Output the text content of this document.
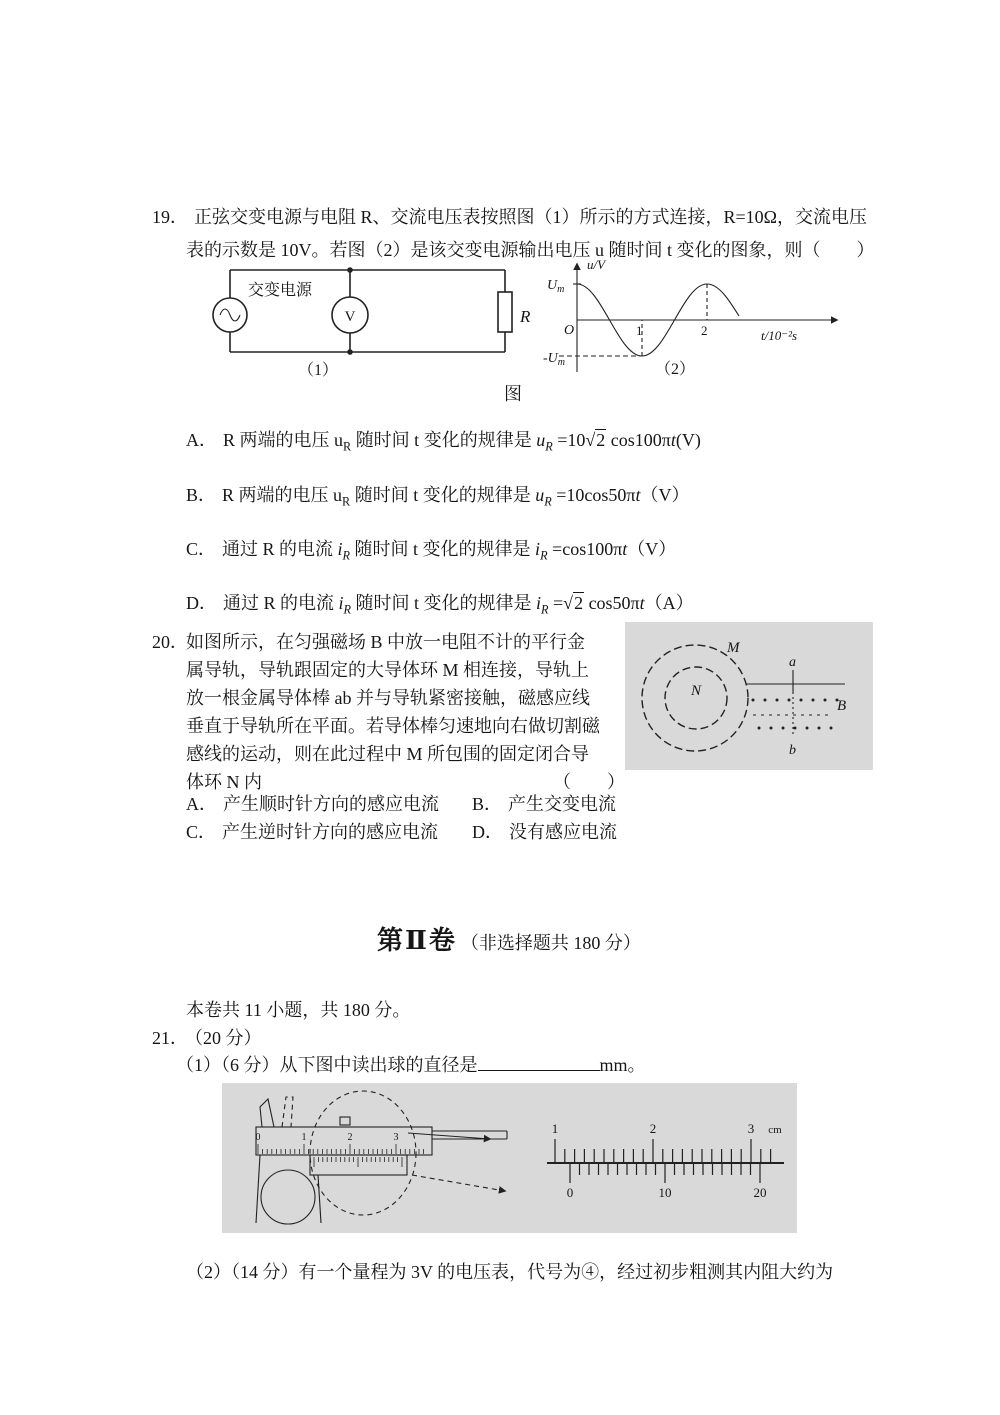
19． 正弦交变电源与电阻 R、交流电压表按照图（1）所示的方式连接，R=10Ω，交流电压
表的示数是 10V。若图（2）是该交变电源输出电压 u 随时间 t 变化的图象，则（　　）
V	R
交变电源
（1）
u/V
$U_m$
$-U_m$
O	1	2	t/10⁻²s
（2）
图
A． R 两端的电压 $u_R$ 随时间 t 变化的规律是 $u_R =10√2$ cos100πt(V)
B． R 两端的电压 $u_R$ 随时间 t 变化的规律是 $u_R =10\cos 50\pi t(V)$
C． 通过 R 的电流 $i_R$ 随时间 t 变化的规律是 $i_R =\cos 100\pi t(V)$
D． 通过 R 的电流 $i_R$ 随时间 t 变化的规律是 $i_R =√2$ cos50πt（A）
20．
如图所示，在匀强磁场 B 中放一电阻不计的平行金
属导轨，导轨跟固定的大导体环 M 相连接，导轨上
放一根金属导体棒 ab 并与导轨紧密接触，磁感应线
垂直于导轨所在平面。若导体棒匀速地向右做切割磁
感线的运动，则在此过程中 M 所包围的固定闭合导
体环 N 内	（　　）
M
N
a
b
B
A． 产生顺时针方向的感应电流 B． 产生交变电流
C． 产生逆时针方向的感应电流 D． 没有感应电流
第Ⅱ卷 （非选择题共 180 分）
本卷共 11 小题，共 180 分。
21． （20 分）
（1）（6 分）从下图中读出球的直径是	mm。
0	1	2	3
1	2	3 cm
0	10	20
（2）（14 分）有一个量程为 3V 的电压表，代号为④，经过初步粗测其内阻大约为
